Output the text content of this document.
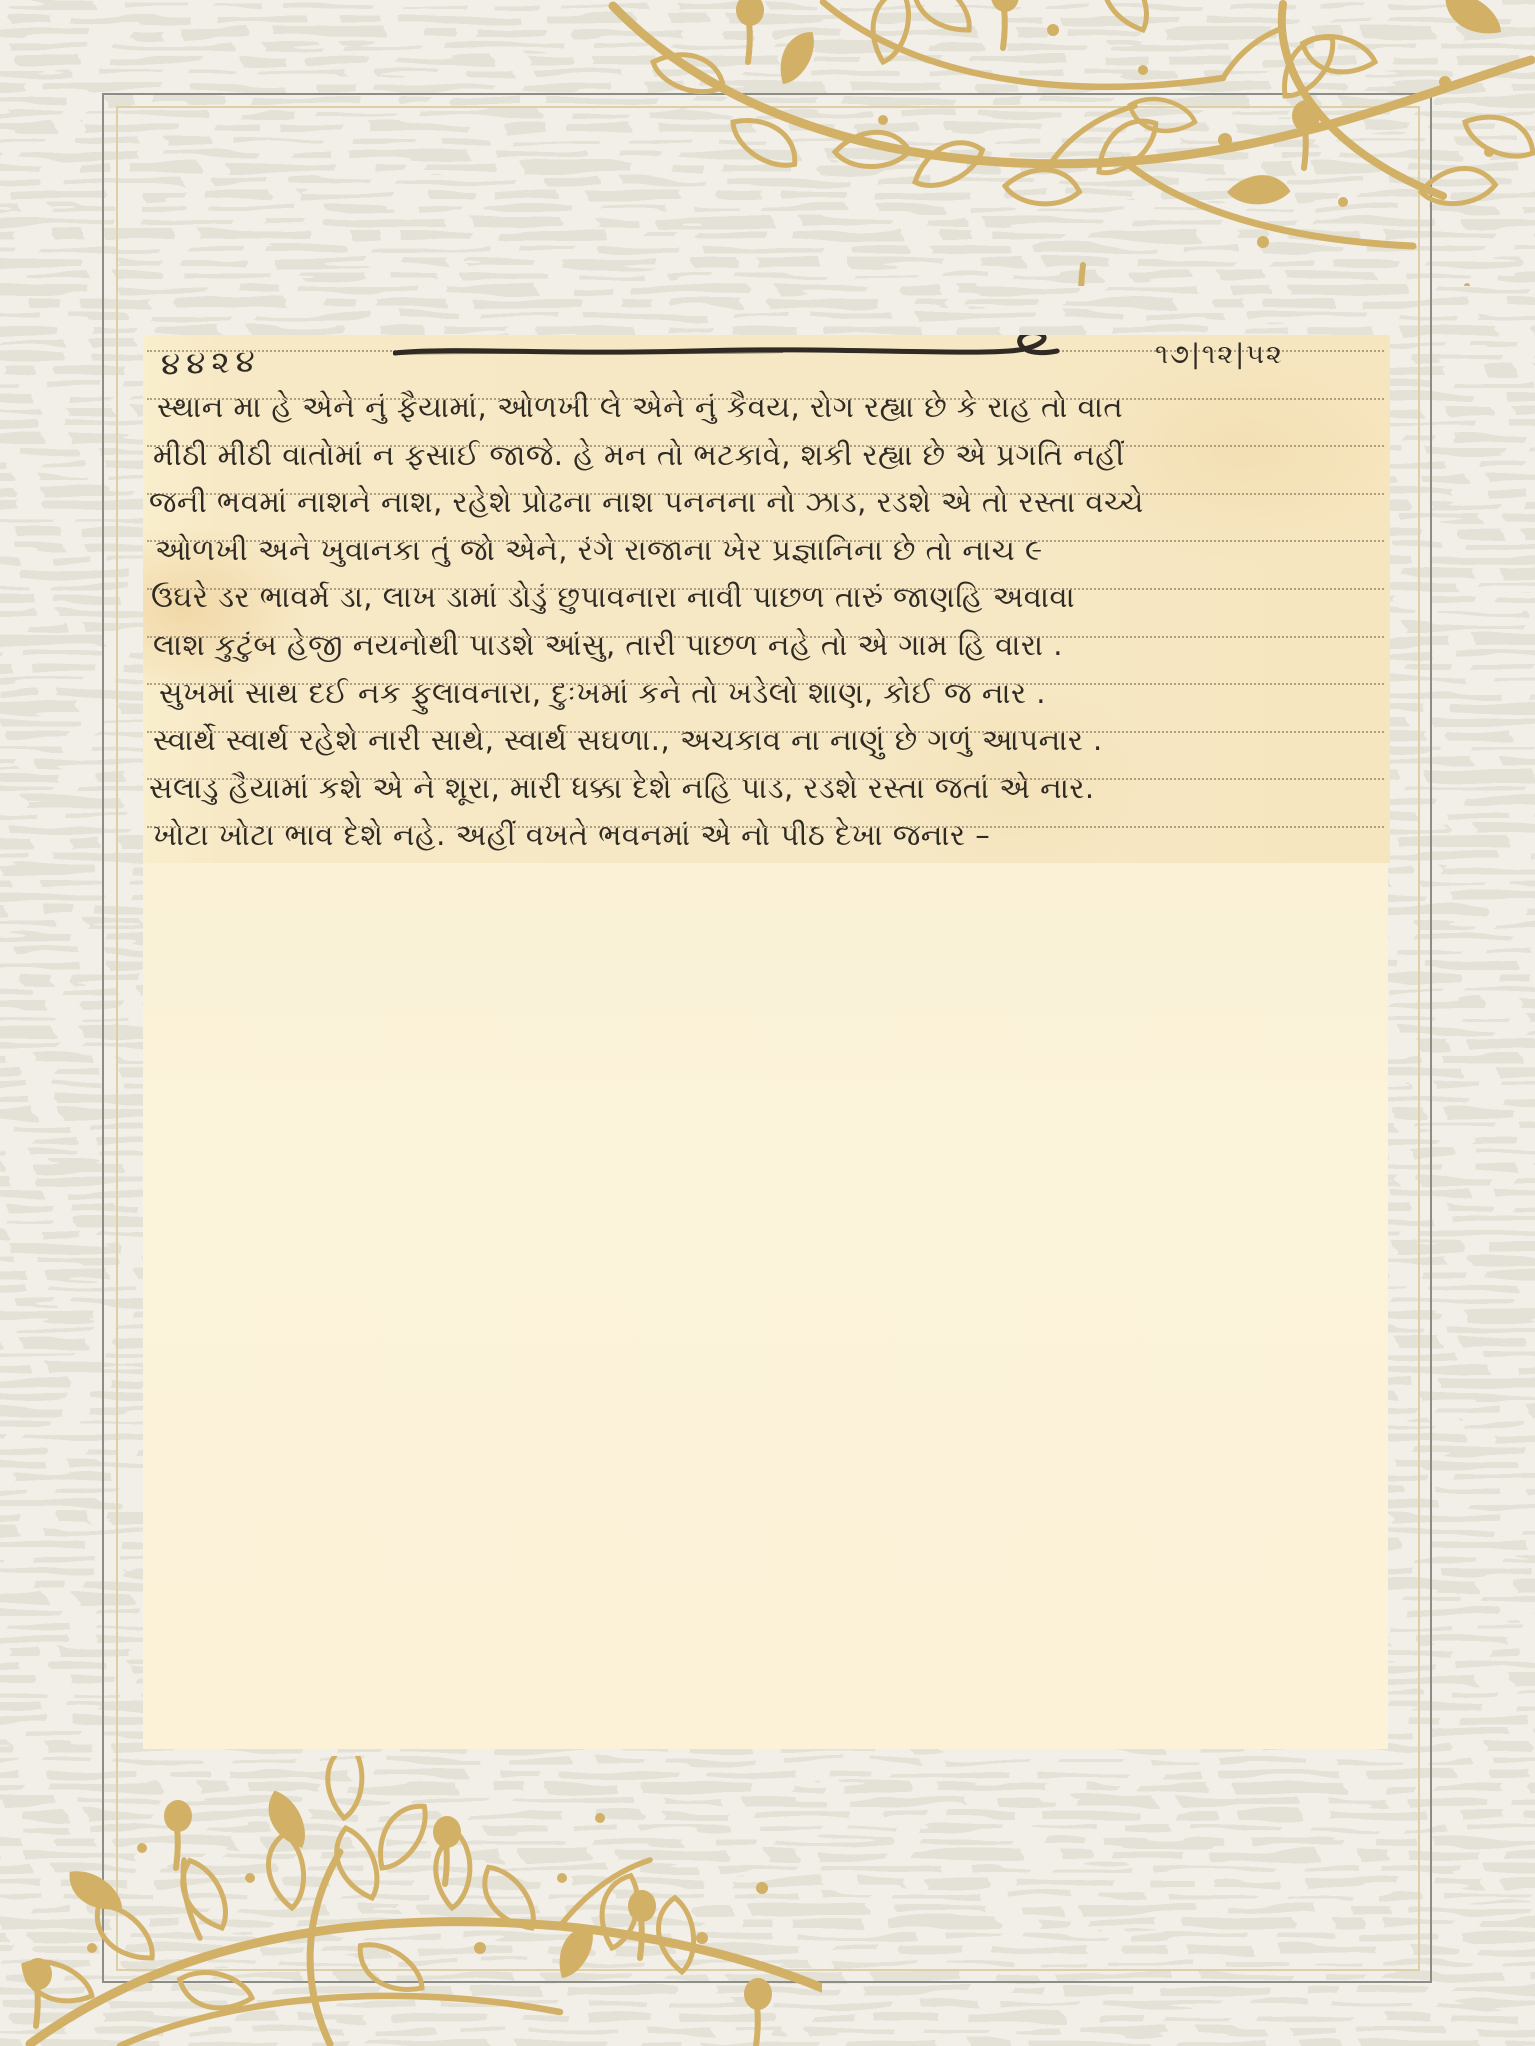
૪૪૨૪	૧૭|૧૨|૫૨
સ્થાન મા હે એને નું ફૈયામાં, ઓળખી લે એને નું કૈવય, રોગ રહ્યા છે કે રાહ તો વાત
મીઠી મીઠી વાતોમાં ન ફસાઈ જાજે. હે મન તો ભટકાવે, શકી રહ્યા છે એ પ્રગતિ નહીં
જની ભવમાં નાશને નાશ, રહેશે પ્રોઢના નાશ પનનના નો ઝાડ, રડશે એ તો રસ્તા વચ્ચે
ઓળખી અને ખુવાનકા તું જો એને, રંગે રાજાના ખેર પ્રજ્ઞાનિના છે તો નાચ ૯
ઉઘરે ડર ભાવર્મ ડા, લાખ ડામાં ડોડું છુપાવનારા નાવી પાછળ તારું જાણહિ અવાવા
લાશ કુટુંબ હેજી નયનોથી પાડશે આંસુ, તારી પાછળ નહે તો એ ગામ હિ વારા .
સુખમાં સાથ દઈ નક ફુલાવનારા, દુઃખમાં કને તો ખડેલો શાણ, કોઈ જ નાર .
સ્વાર્થે સ્વાર્થ રહેશે નારી સાથે, સ્વાર્થ સઘળા., અચકાવ ના નાણું છે ગળું આપનાર .
સલાડુ હૈયામાં કશે એ ને શૂરા, મારી ધક્કા દેશે નહિ પાડ, રડશે રસ્તા જતાં એ નાર.
ખોટા ખોટા ભાવ દેશે નહે. અહીં વખતે ભવનમાં એ નો પીઠ દેખા જનાર –
